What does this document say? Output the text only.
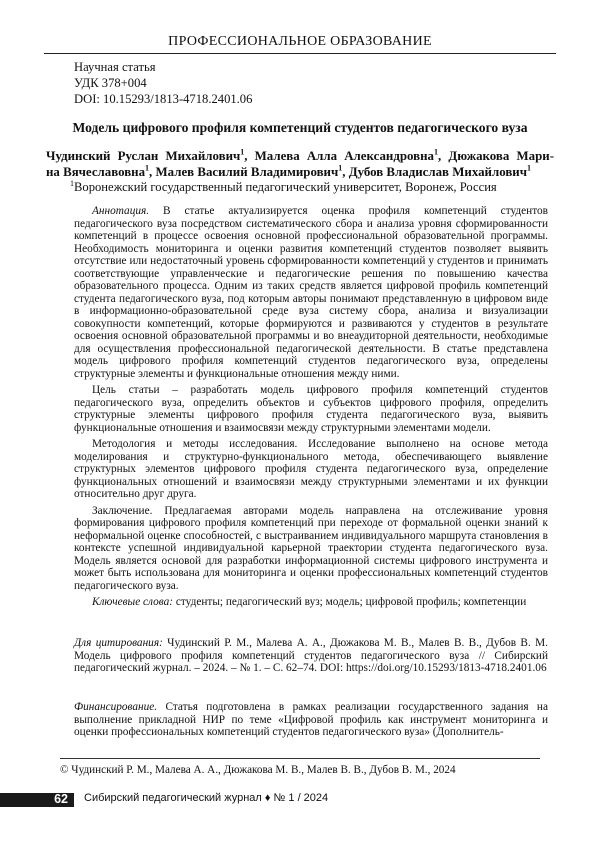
ПРОФЕССИОНАЛЬНОЕ ОБРАЗОВАНИЕ
Научная статья
УДК 378+004
DOI: 10.15293/1813-4718.2401.06
Модель цифрового профиля компетенций студентов педагогического вуза
Чудинский Руслан Михайлович$^1$, Малева Алла Александровна$^1$, Дюжакова Мари-
на Вячеславовна$^1$, Малев Василий Владимирович$^1$, Дубов Владислав Михайлович$^1$
$^1$Воронежский государственный педагогический университет, Воронеж, Россия

Аннотация. В статье актуализируется оценка профиля компетенций студентов педагогического вуза посредством систематического сбора и анализа уровня сформированности компетенций в процессе освоения основной профессиональной образовательной программы. Необходимость мониторинга и оценки развития компетенций студентов позволяет выявить отсутствие или недостаточный уровень сформированности компетенций у студентов и принимать соответствующие управленческие и педагогические решения по повышению качества образовательного процесса. Одним из таких средств является цифровой профиль компетенций студента педагогического вуза, под которым авторы понимают представленную в цифровом виде в информационно-образовательной среде вуза систему сбора, анализа и визуализации совокупности компетенций, которые формируются и развиваются у студентов в результате освоения основной образовательной программы и во внеаудиторной деятельности, необходимые для осуществления профессиональной педагогической деятельности. В статье представлена модель цифрового профиля компетенций студентов педагогического вуза, определены структурные элементы и функциональные отношения между ними.

Цель статьи – разработать модель цифрового профиля компетенций студентов педагогического вуза, определить объектов и субъектов цифрового профиля, определить структурные элементы цифрового профиля студента педагогического вуза, выявить функциональные отношения и взаимосвязи между структурными элементами модели.

Методология и методы исследования. Исследование выполнено на основе метода моделирования и структурно-функционального метода, обеспечивающего выявление структурных элементов цифрового профиля студента педагогического вуза, определение функциональных отношений и взаимосвязи между структурными элементами и их функции относительно друг друга.

Заключение. Предлагаемая авторами модель направлена на отслеживание уровня формирования цифрового профиля компетенций при переходе от формальной оценки знаний к неформальной оценке способностей, с выстраиванием индивидуального маршрута становления в контексте успешной индивидуальной карьерной траектории студента педагогического вуза. Модель является основой для разработки информационной системы цифрового инструмента и может быть использована для мониторинга и оценки профессиональных компетенций студентов педагогического вуза.

Ключевые слова: студенты; педагогический вуз; модель; цифровой профиль; компетенции

Для цитирования: Чудинский Р. М., Малева А. А., Дюжакова М. В., Малев В. В., Дубов В. М. Модель цифрового профиля компетенций студентов педагогического вуза // Сибирский педагогический журнал. – 2024. – № 1. – С. 62–74. DOI: https://doi.org/10.15293/1813-4718.2401.06

Финансирование. Статья подготовлена в рамках реализации государственного задания на выполнение прикладной НИР по теме «Цифровой профиль как инструмент мониторинга и оценки профессиональных компетенций студентов педагогического вуза» (Дополнитель-

© Чудинский Р. М., Малева А. А., Дюжакова М. В., Малев В. В., Дубов В. М., 2024
62 Сибирский педагогический журнал ♦ № 1 / 2024
